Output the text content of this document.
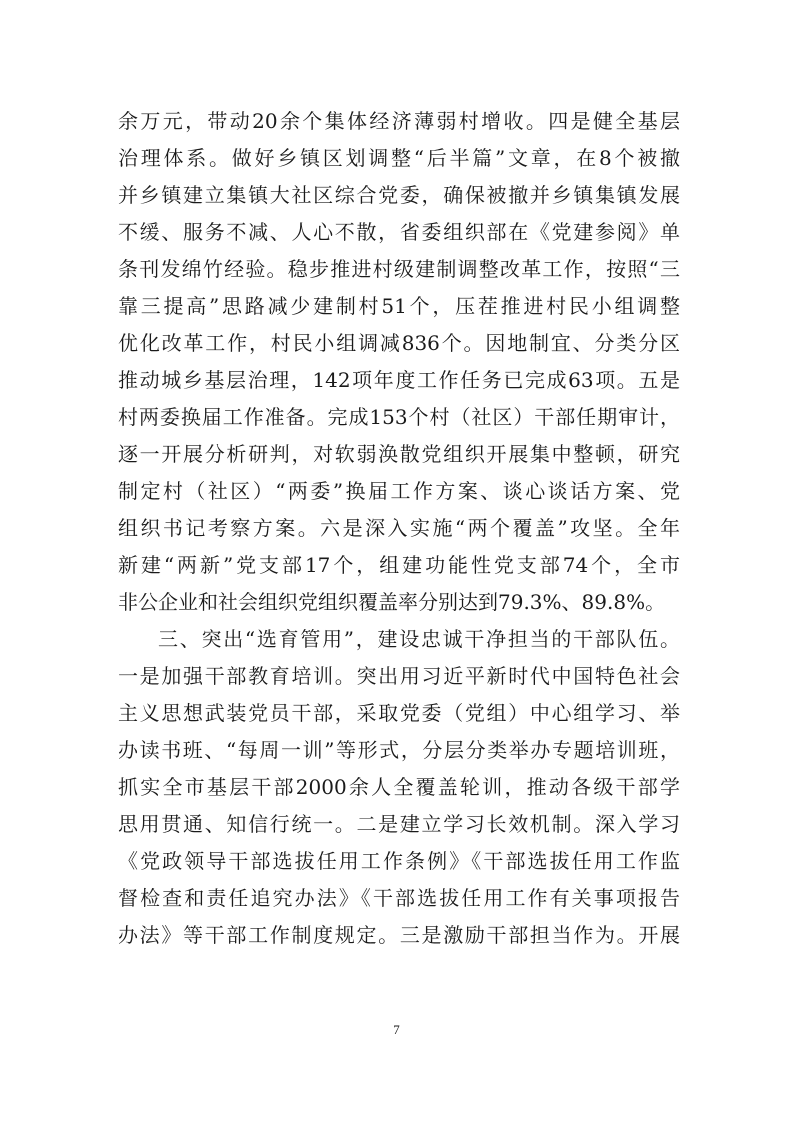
余万元，带动20余个集体经济薄弱村增收。四是健全基层
治理体系。做好乡镇区划调整“后半篇”文章，在8个被撤
并乡镇建立集镇大社区综合党委，确保被撤并乡镇集镇发展
不缓、服务不减、人心不散，省委组织部在《党建参阅》单
条刊发绵竹经验。稳步推进村级建制调整改革工作，按照“三
靠三提高”思路减少建制村51个，压茬推进村民小组调整
优化改革工作，村民小组调减836个。因地制宜、分类分区
推动城乡基层治理，142项年度工作任务已完成63项。五是
村两委换届工作准备。完成153个村（社区）干部任期审计，
逐一开展分析研判，对软弱涣散党组织开展集中整顿，研究
制定村（社区）“两委”换届工作方案、谈心谈话方案、党
组织书记考察方案。六是深入实施“两个覆盖”攻坚。全年
新建“两新”党支部17个，组建功能性党支部74个，全市
非公企业和社会组织党组织覆盖率分别达到79.3%、89.8%。
三、突出“选育管用”，建设忠诚干净担当的干部队伍。
一是加强干部教育培训。突出用习近平新时代中国特色社会
主义思想武装党员干部，采取党委（党组）中心组学习、举
办读书班、“每周一训”等形式，分层分类举办专题培训班，
抓实全市基层干部2000余人全覆盖轮训，推动各级干部学
思用贯通、知信行统一。二是建立学习长效机制。深入学习
《党政领导干部选拔任用工作条例》《干部选拔任用工作监
督检查和责任追究办法》《干部选拔任用工作有关事项报告
办法》等干部工作制度规定。三是激励干部担当作为。开展
7
